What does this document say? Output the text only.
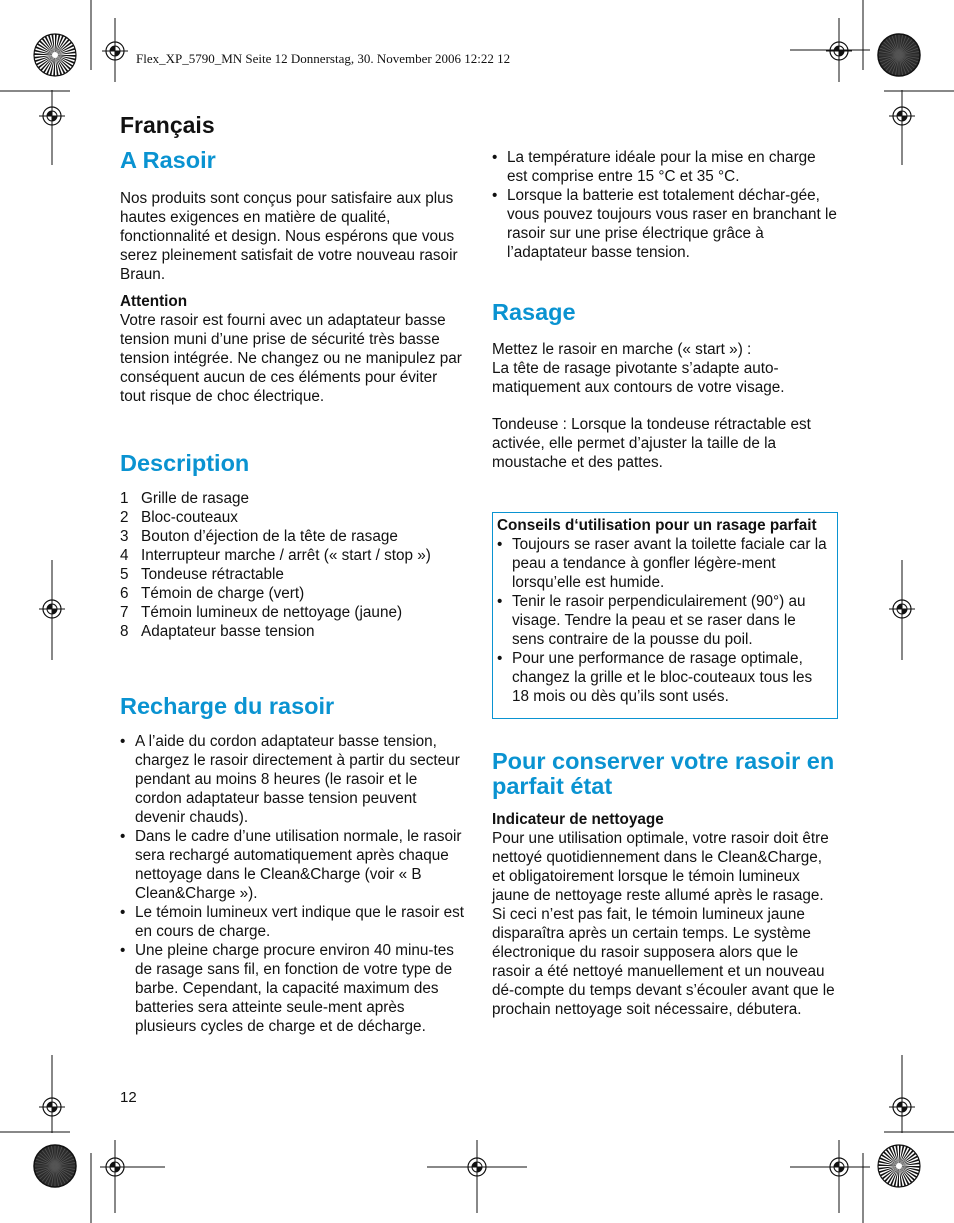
Flex_XP_5790_MN Seite 12 Donnerstag, 30. November 2006 12:22 12

Français
A Rasoir

Nos produits sont conçus pour satisfaire aux plus hautes exigences en matière de qualité, fonctionnalité et design. Nous espérons que vous serez pleinement satisfait de votre nouveau rasoir Braun.

Attention

Votre rasoir est fourni avec un adaptateur basse tension muni d’une prise de sécurité très basse tension intégrée. Ne changez ou ne manipulez par conséquent aucun de ces éléments pour éviter tout risque de choc électrique.

Description
1 Grille de rasage
2 Bloc-couteaux
3 Bouton d’éjection de la tête de rasage
4 Interrupteur marche / arrêt (« start / stop »)
5 Tondeuse rétractable
6 Témoin de charge (vert)
7 Témoin lumineux de nettoyage (jaune)
8 Adaptateur basse tension
Recharge du rasoir
• A l’aide du cordon adaptateur basse tension, chargez le rasoir directement à partir du secteur pendant au moins 8 heures (le rasoir et le cordon adaptateur basse tension peuvent devenir chauds).
• Dans le cadre d’une utilisation normale, le rasoir sera rechargé automatiquement après chaque nettoyage dans le Clean&Charge (voir « B Clean&Charge »).
• Le témoin lumineux vert indique que le rasoir est en cours de charge.
• Une pleine charge procure environ 40 minu-tes de rasage sans fil, en fonction de votre type de barbe. Cependant, la capacité maximum des batteries sera atteinte seule-ment après plusieurs cycles de charge et de décharge.
• La température idéale pour la mise en charge est comprise entre 15 °C et 35 °C.
• Lorsque la batterie est totalement déchar-gée, vous pouvez toujours vous raser en branchant le rasoir sur une prise électrique grâce à l’adaptateur basse tension.
Rasage

Mettez le rasoir en marche (« start ») :

La tête de rasage pivotante s’adapte auto-matiquement aux contours de votre visage.

Tondeuse : Lorsque la tondeuse rétractable est activée, elle permet d’ajuster la taille de la moustache et des pattes.

Conseils d‘utilisation pour un rasage parfait

• Toujours se raser avant la toilette faciale car la peau a tendance à gonfler légère-ment lorsqu’elle est humide.
• Tenir le rasoir perpendiculairement (90°) au visage. Tendre la peau et se raser dans le sens contraire de la pousse du poil.
• Pour une performance de rasage optimale, changez la grille et le bloc-couteaux tous les 18 mois ou dès qu’ils sont usés.
Pour conserver votre rasoir en parfait état

Indicateur de nettoyage

Pour une utilisation optimale, votre rasoir doit être nettoyé quotidiennement dans le Clean&Charge, et obligatoirement lorsque le témoin lumineux jaune de nettoyage reste allumé après le rasage. Si ceci n’est pas fait, le témoin lumineux jaune disparaîtra après un certain temps. Le système électronique du rasoir supposera alors que le rasoir a été nettoyé manuellement et un nouveau dé-compte du temps devant s’écouler avant que le prochain nettoyage soit nécessaire, débutera.

12
